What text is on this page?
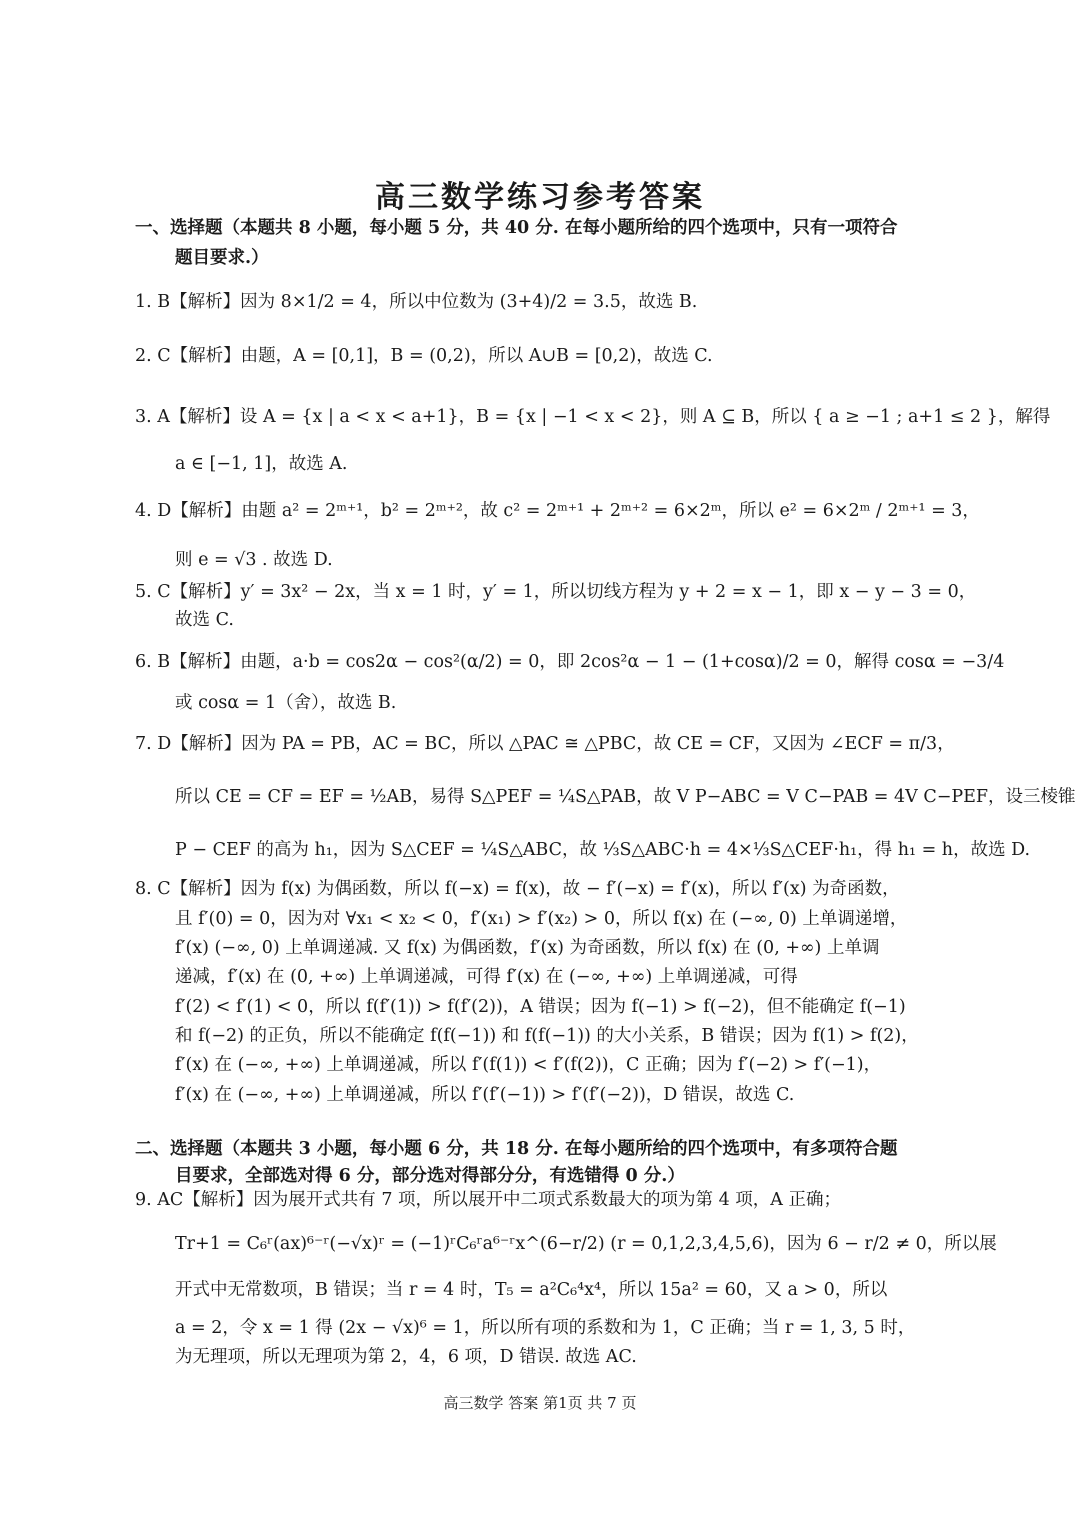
高三数学练习参考答案
一、选择题（本题共 8 小题，每小题 5 分，共 40 分. 在每小题所给的四个选项中，只有一项符合
题目要求.）
1. B【解析】因为 8×1/2 = 4，所以中位数为 (3+4)/2 = 3.5，故选 B.
2. C【解析】由题，A = [0,1]，B = (0,2)，所以 A∪B = [0,2)，故选 C.
3. A【解析】设 A = {x | a < x < a+1}，B = {x | −1 < x < 2}，则 A ⊆ B，所以 { a ≥ −1 ; a+1 ≤ 2 }，解得
a ∈ [−1, 1]，故选 A.
4. D【解析】由题 a² = 2ᵐ⁺¹，b² = 2ᵐ⁺²，故 c² = 2ᵐ⁺¹ + 2ᵐ⁺² = 6×2ᵐ，所以 e² = 6×2ᵐ / 2ᵐ⁺¹ = 3，
则 e = √3 . 故选 D.
5. C【解析】y′ = 3x² − 2x，当 x = 1 时，y′ = 1，所以切线方程为 y + 2 = x − 1，即 x − y − 3 = 0，
故选 C.
6. B【解析】由题，a·b = cos2α − cos²(α/2) = 0，即 2cos²α − 1 − (1+cosα)/2 = 0，解得 cosα = −3/4
或 cosα = 1（舍），故选 B.
7. D【解析】因为 PA = PB，AC = BC，所以 △PAC ≅ △PBC，故 CE = CF，又因为 ∠ECF = π/3，
所以 CE = CF = EF = ½AB，易得 S△PEF = ¼S△PAB，故 V P−ABC = V C−PAB = 4V C−PEF，设三棱锥
P − CEF 的高为 h₁，因为 S△CEF = ¼S△ABC，故 ⅓S△ABC·h = 4×⅓S△CEF·h₁，得 h₁ = h，故选 D.
8. C【解析】因为 f(x) 为偶函数，所以 f(−x) = f(x)，故 − f′(−x) = f′(x)，所以 f′(x) 为奇函数，
且 f′(0) = 0，因为对 ∀x₁ < x₂ < 0，f′(x₁) > f′(x₂) > 0，所以 f(x) 在 (−∞, 0) 上单调递增，
f′(x) (−∞, 0) 上单调递减. 又 f(x) 为偶函数，f′(x) 为奇函数，所以 f(x) 在 (0, +∞) 上单调
递减，f′(x) 在 (0, +∞) 上单调递减，可得 f′(x) 在 (−∞, +∞) 上单调递减，可得
f′(2) < f′(1) < 0，所以 f(f′(1)) > f(f′(2))，A 错误；因为 f(−1) > f(−2)，但不能确定 f(−1)
和 f(−2) 的正负，所以不能确定 f(f(−1)) 和 f(f(−1)) 的大小关系，B 错误；因为 f(1) > f(2)，
f′(x) 在 (−∞, +∞) 上单调递减，所以 f′(f(1)) < f′(f(2))，C 正确；因为 f′(−2) > f′(−1)，
f′(x) 在 (−∞, +∞) 上单调递减，所以 f′(f′(−1)) > f′(f′(−2))，D 错误，故选 C.
二、选择题（本题共 3 小题，每小题 6 分，共 18 分. 在每小题所给的四个选项中，有多项符合题
目要求，全部选对得 6 分，部分选对得部分分，有选错得 0 分.）
9. AC【解析】因为展开式共有 7 项，所以展开中二项式系数最大的项为第 4 项，A 正确；
Tr+1 = C₆ʳ(ax)⁶⁻ʳ(−√x)ʳ = (−1)ʳC₆ʳa⁶⁻ʳx^(6−r/2) (r = 0,1,2,3,4,5,6)，因为 6 − r/2 ≠ 0，所以展
开式中无常数项，B 错误；当 r = 4 时，T₅ = a²C₆⁴x⁴，所以 15a² = 60，又 a > 0，所以
a = 2，令 x = 1 得 (2x − √x)⁶ = 1，所以所有项的系数和为 1，C 正确；当 r = 1, 3, 5 时，
为无理项，所以无理项为第 2，4，6 项，D 错误. 故选 AC.
高三数学 答案 第1页 共 7 页
